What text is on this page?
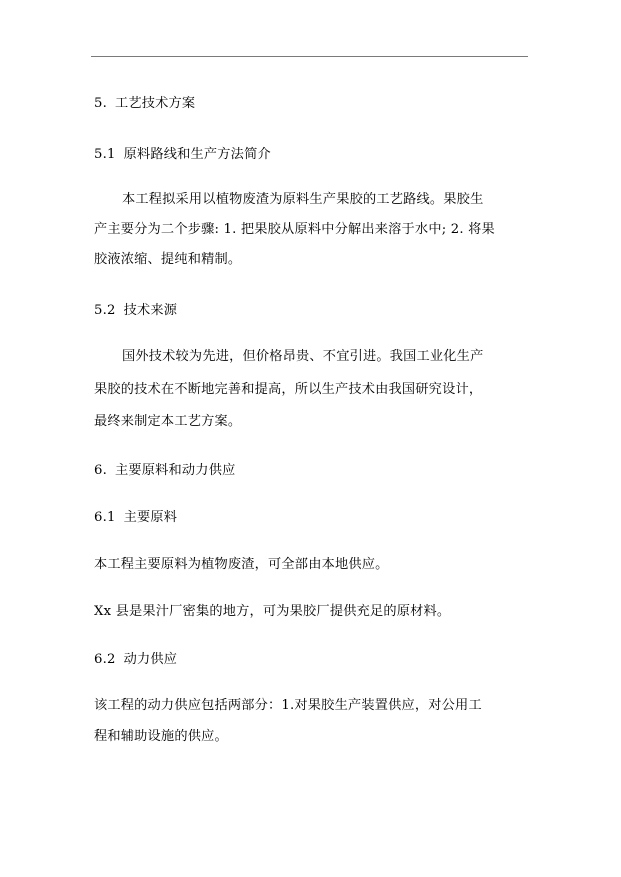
5. 工艺技术方案
5.1 原料路线和生产方法简介
本工程拟采用以植物废渣为原料生产果胶的工艺路线。果胶生
产主要分为二个步骤: 1. 把果胶从原料中分解出来溶于水中; 2. 将果
胶液浓缩、提纯和精制。
5.2 技术来源
国外技术较为先进，但价格昂贵、不宜引进。我国工业化生产
果胶的技术在不断地完善和提高，所以生产技术由我国研究设计，
最终来制定本工艺方案。
6. 主要原料和动力供应
6.1 主要原料
本工程主要原料为植物废渣，可全部由本地供应。
Xx 县是果汁厂密集的地方，可为果胶厂提供充足的原材料。
6.2 动力供应
该工程的动力供应包括两部分：1.对果胶生产装置供应，对公用工
程和辅助设施的供应。
